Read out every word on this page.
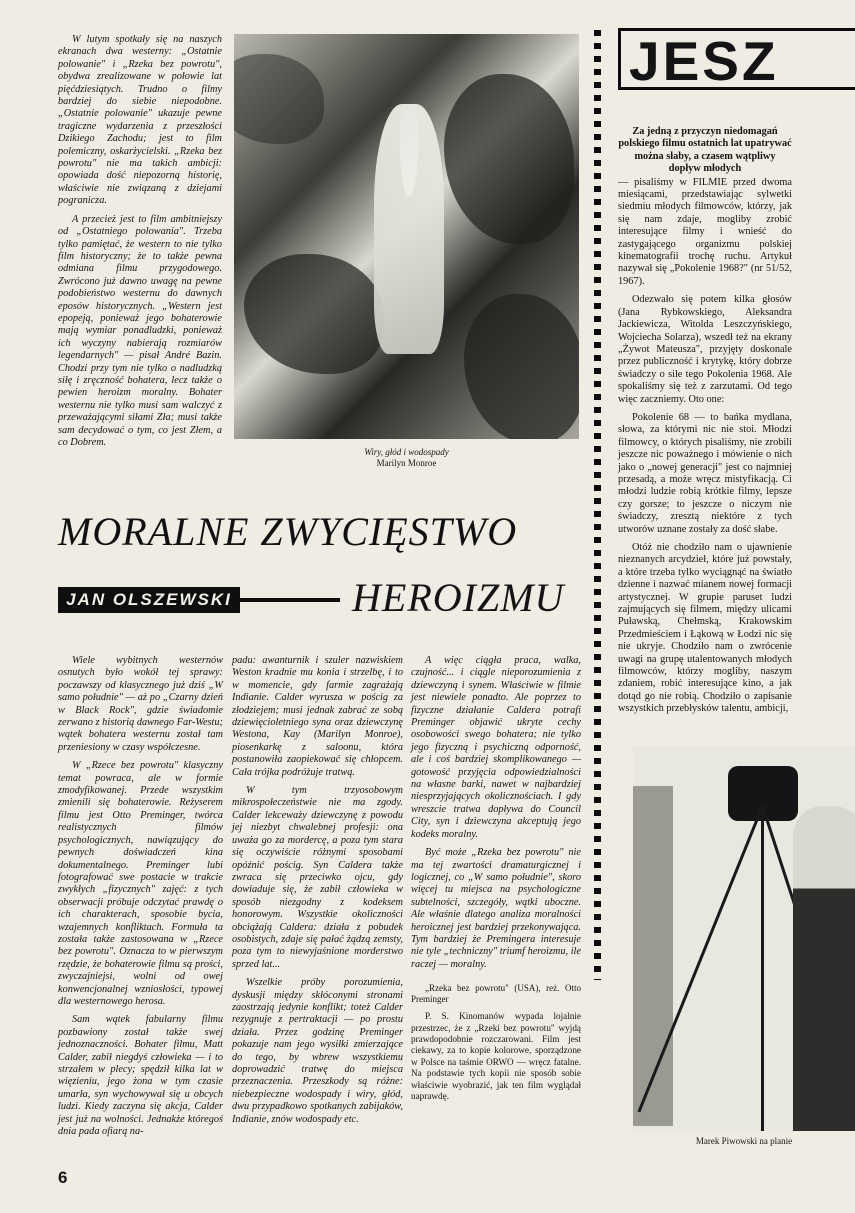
W lutym spotkały się na naszych ekranach dwa westerny: „Ostatnie polowanie" i „Rzeka bez powrotu", obydwa zrealizowane w połowie lat pięćdziesiątych. Trudno o filmy bardziej do siebie niepodobne. „Ostatnie polowanie" ukazuje pewne tragiczne wydarzenia z przeszłości Dzikiego Zachodu; jest to film polemiczny, oskarżycielski. „Rzeka bez powrotu" nie ma takich ambicji: opowiada dość niepozorną historię, właściwie nie związaną z dziejami pogranicza.

A przecież jest to film ambitniejszy od „Ostatniego polowania". Trzeba tylko pamiętać, że western to nie tylko film historyczny; że to także pewna odmiana filmu przygodowego. Zwrócono już dawno uwagę na pewne podobieństwo westernu do dawnych eposów historycznych. „Western jest epopeją, ponieważ jego bohaterowie mają wymiar ponadludzki, ponieważ ich wyczyny nabierają rozmiarów legendarnych" — pisał André Bazin. Chodzi przy tym nie tylko o nadludzką siłę i zręczność bohatera, lecz także o pewien heroizm moralny. Bohater westernu nie tylko musi sam walczyć z przeważającymi siłami Zła; musi także sam decydować o tym, co jest Złem, a co Dobrem.

Wiry, głód i wodospady
Marilyn Monroe
MORALNE ZWYCIĘSTWO
JAN OLSZEWSKI	HEROIZMU

Wiele wybitnych westernów osnutych było wokół tej sprawy: poczawszy od klasycznego już dziś „W samo południe" — aż po „Czarny dzień w Black Rock", gdzie świadomie zerwano z historią dawnego Far-Westu; wątek bohatera westernu został tam przeniesiony w czasy współczesne.

W „Rzece bez powrotu" klasyczny temat powraca, ale w formie zmodyfikowanej. Przede wszystkim zmienili się bohaterowie. Reżyserem filmu jest Otto Preminger, twórca realistycznych filmów psychologicznych, nawiązujący do pewnych doświadczeń kina dokumentalnego. Preminger lubi fotografować swe postacie w trakcie zwykłych „fizycznych" zajęć: z tych obserwacji próbuje odczytać prawdę o ich charakterach, sposobie bycia, wzajemnych konfliktach. Formuła ta została także zastosowana w „Rzece bez powrotu". Oznacza to w pierwszym rzędzie, że bohaterowie filmu są prości, zwyczajniejsi, wolni od owej konwencjonalnej wzniosłości, typowej dla westernowego herosa.

Sam wątek fabularny filmu pozbawiony został także swej jednoznaczności. Bohater filmu, Matt Calder, zabił niegdyś człowieka — i to strzałem w plecy; spędził kilka lat w więzieniu, jego żona w tym czasie umarła, syn wychowywał się u obcych ludzi. Kiedy zaczyna się akcja, Calder jest już na wolności. Jednakże któregoś dnia pada ofiarą na-

padu: awanturnik i szuler nazwiskiem Weston kradnie mu konia i strzelbę, i to w momencie, gdy farmie zagrażają Indianie. Calder wyrusza w pościg za złodziejem; musi jednak zabrać ze sobą dziewięcioletniego syna oraz dziewczynę Westona, Kay (Marilyn Monroe), piosenkarkę z saloonu, która postanowiła zaopiekować się chłopcem. Cała trójka podróżuje tratwą.

W tym trzyosobowym mikrospołeczeństwie nie ma zgody. Calder lekceważy dziewczynę z powodu jej niezbyt chwalebnej profesji: ona uważa go za mordercę, a poza tym stara się oczywiście różnymi sposobami opóźnić pościg. Syn Caldera także zwraca się przeciwko ojcu, gdy dowiaduje się, że zabił człowieka w sposób niezgodny z kodeksem honorowym. Wszystkie okoliczności obciążają Caldera: działa z pobudek osobistych, zdaje się pałać żądzą zemsty, poza tym to niewyjaśnione morderstwo sprzed lat...

Wszelkie próby porozumienia, dyskusji między skłóconymi stronami zaostrzają jedynie konflikt; toteż Calder rezygnuje z pertraktacji — po prostu działa. Przez godzinę Preminger pokazuje nam jego wysiłki zmierzające do tego, by wbrew wszystkiemu doprowadzić tratwę do miejsca przeznaczenia. Przeszkody są różne: niebezpieczne wodospady i wiry, głód, dwu przypadkowo spotkanych zabijaków, Indianie, znów wodospady etc.

A więc ciągła praca, walka, czujność... i ciągle nieporozumienia z dziewczyną i synem. Właściwie w filmie jest niewiele ponadto. Ale poprzez to fizyczne działanie Caldera potrafi Preminger objawić ukryte cechy osobowości swego bohatera; nie tylko jego fizyczną i psychiczną odporność, ale i coś bardziej skomplikowanego — gotowość przyjęcia odpowiedzialności na własne barki, nawet w najbardziej niesprzyjających okolicznościach. I gdy wreszcie tratwa dopływa do Council City, syn i dziewczyna akceptują jego kodeks moralny.

Być może „Rzeka bez powrotu" nie ma tej zwartości dramaturgicznej i logicznej, co „W samo południe", skoro więcej tu miejsca na psychologiczne subtelności, szczegóły, wątki uboczne. Ale właśnie dlatego analiza moralności heroicznej jest bardziej przekonywająca. Tym bardziej że Premingera interesuje nie tyle „techniczny" triumf heroizmu, ile raczej — moralny.

„Rzeka bez powrotu" (USA), reż. Otto Preminger

P. S. Kinomanów wypada lojalnie przestrzec, że z „Rzeki bez powrotu" wyjdą prawdopodobnie rozczarowani. Film jest ciekawy, za to kopie kolorowe, sporządzone w Polsce na taśmie ORWO — wręcz fatalne. Na podstawie tych kopii nie sposób sobie właściwie wyobrazić, jak ten film wyglądał naprawdę.

JESZ

Za jedną z przyczyn niedomagań polskiego filmu ostatnich lat upatrywać można słaby, a czasem wątpliwy dopływ młodych

— pisaliśmy w FILMIE przed dwoma miesiącami, przedstawiając sylwetki siedmiu młodych filmowców, którzy, jak się nam zdaje, mogliby zrobić interesujące filmy i wnieść do zastygającego organizmu polskiej kinematografii trochę ruchu. Artykuł nazywał się „Pokolenie 1968?" (nr 51/52, 1967).

Odezwało się potem kilka głosów (Jana Rybkowskiego, Aleksandra Jackiewicza, Witolda Leszczyńskiego, Wojciecha Solarza), wszedł też na ekrany „Żywot Mateusza", przyjęty doskonale przez publiczność i krytykę, który dobrze świadczy o sile tego Pokolenia 1968. Ale spokaliśmy się też z zarzutami. Od tego więc zaczniemy. Oto one:

Pokolenie 68 — to bańka mydlana, słowa, za którymi nic nie stoi. Młodzi filmowcy, o których pisaliśmy, nie zrobili jeszcze nic poważnego i mówienie o nich jako o „nowej generacji" jest co najmniej przesadą, a może wręcz mistyfikacją. Ci młodzi ludzie robią krótkie filmy, lepsze czy gorsze; to jeszcze o niczym nie świadczy, zresztą niektóre z tych utworów uznane zostały za dość słabe.

Otóż nie chodziło nam o ujawnienie nieznanych arcydzieł, które już powstały, a które trzeba tylko wyciągnąć na światło dzienne i nazwać mianem nowej formacji artystycznej. W grupie paruset ludzi zajmujących się filmem, między ulicami Puławską, Chełmską, Krakowskim Przedmieściem i Łąkową w Łodzi nic się nie ukryje. Chodziło nam o zwrócenie uwagi na grupę utalentowanych młodych filmowców, którzy mogliby, naszym zdaniem, robić interesujące kino, a jak dotąd go nie robią. Chodziło o zapisanie wszystkich przebłysków talentu, ambicji,

Marek Piwowski na planie
6
